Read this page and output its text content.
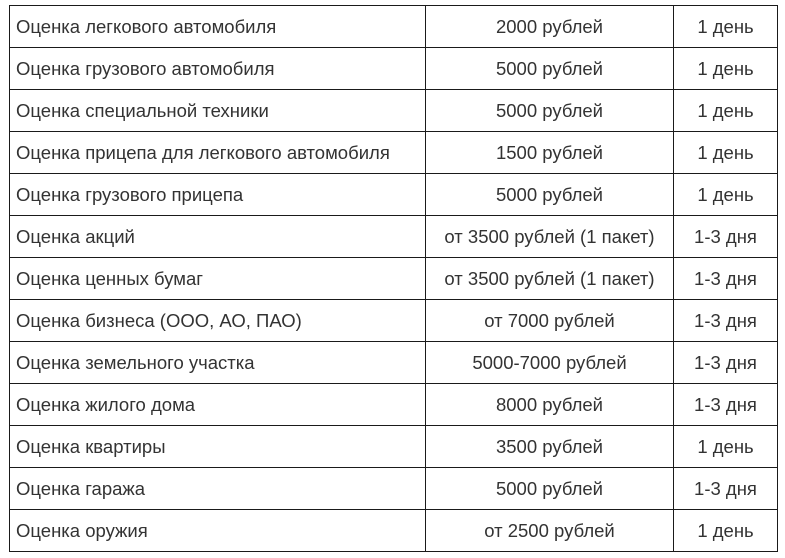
Оценка легкового автомобиля	2000 рублей	1 день
Оценка грузового автомобиля	5000 рублей	1 день
Оценка специальной техники	5000 рублей	1 день
Оценка прицепа для легкового автомобиля	1500 рублей	1 день
Оценка грузового прицепа	5000 рублей	1 день
Оценка акций	от 3500 рублей (1 пакет)	1-3 дня
Оценка ценных бумаг	от 3500 рублей (1 пакет)	1-3 дня
Оценка бизнеса (ООО, АО, ПАО)	от 7000 рублей	1-3 дня
Оценка земельного участка	5000-7000 рублей	1-3 дня
Оценка жилого дома	8000 рублей	1-3 дня
Оценка квартиры	3500 рублей	1 день
Оценка гаража	5000 рублей	1-3 дня
Оценка оружия	от 2500 рублей	1 день
